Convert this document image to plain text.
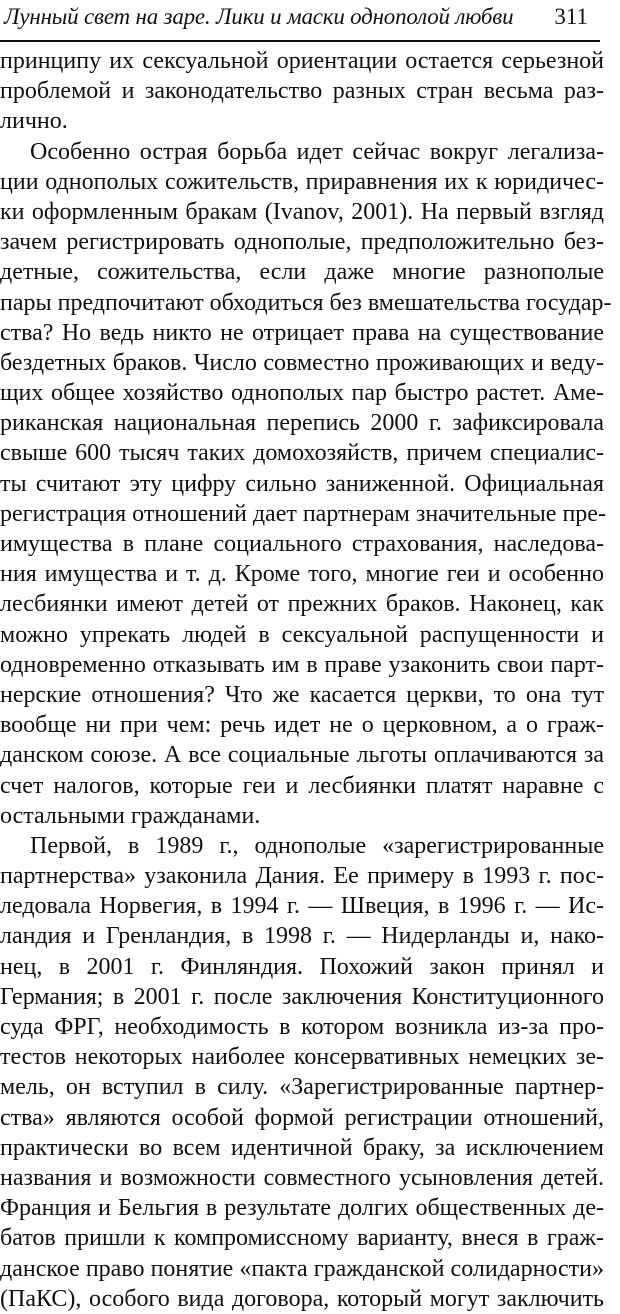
Лунный свет на заре. Лики и маски однополой любви 311
принципу их сексуальной ориентации остается серьезной
проблемой и законодательство разных стран весьма раз-
лично.
Особенно острая борьба идет сейчас вокруг легализа-
ции однополых сожительств, приравнения их к юридичес-
ки оформленным бракам (Ivanov, 2001). На первый взгляд
зачем регистрировать однополые, предположительно без-
детные, сожительства, если даже многие разнополые
пары предпочитают обходиться без вмешательства государ-
ства? Но ведь никто не отрицает права на существование
бездетных браков. Число совместно проживающих и веду-
щих общее хозяйство однополых пар быстро растет. Аме-
риканская национальная перепись 2000 г. зафиксировала
свыше 600 тысяч таких домохозяйств, причем специалис-
ты считают эту цифру сильно заниженной. Официальная
регистрация отношений дает партнерам значительные пре-
имущества в плане социального страхования, наследова-
ния имущества и т. д. Кроме того, многие геи и особенно
лесбиянки имеют детей от прежних браков. Наконец, как
можно упрекать людей в сексуальной распущенности и
одновременно отказывать им в праве узаконить свои парт-
нерские отношения? Что же касается церкви, то она тут
вообще ни при чем: речь идет не о церковном, а о граж-
данском союзе. А все социальные льготы оплачиваются за
счет налогов, которые геи и лесбиянки платят наравне с
остальными гражданами.
Первой, в 1989 г., однополые «зарегистрированные
партнерства» узаконила Дания. Ее примеру в 1993 г. пос-
ледовала Норвегия, в 1994 г. — Швеция, в 1996 г. — Ис-
ландия и Гренландия, в 1998 г. — Нидерланды и, нако-
нец, в 2001 г. Финляндия. Похожий закон принял и
Германия; в 2001 г. после заключения Конституционного
суда ФРГ, необходимость в котором возникла из-за про-
тестов некоторых наиболее консервативных немецких зе-
мель, он вступил в силу. «Зарегистрированные партнер-
ства» являются особой формой регистрации отношений,
практически во всем идентичной браку, за исключением
названия и возможности совместного усыновления детей.
Франция и Бельгия в результате долгих общественных де-
батов пришли к компромиссному варианту, внеся в граж-
данское право понятие «пакта гражданской солидарности»
(ПаКС), особого вида договора, который могут заключить
